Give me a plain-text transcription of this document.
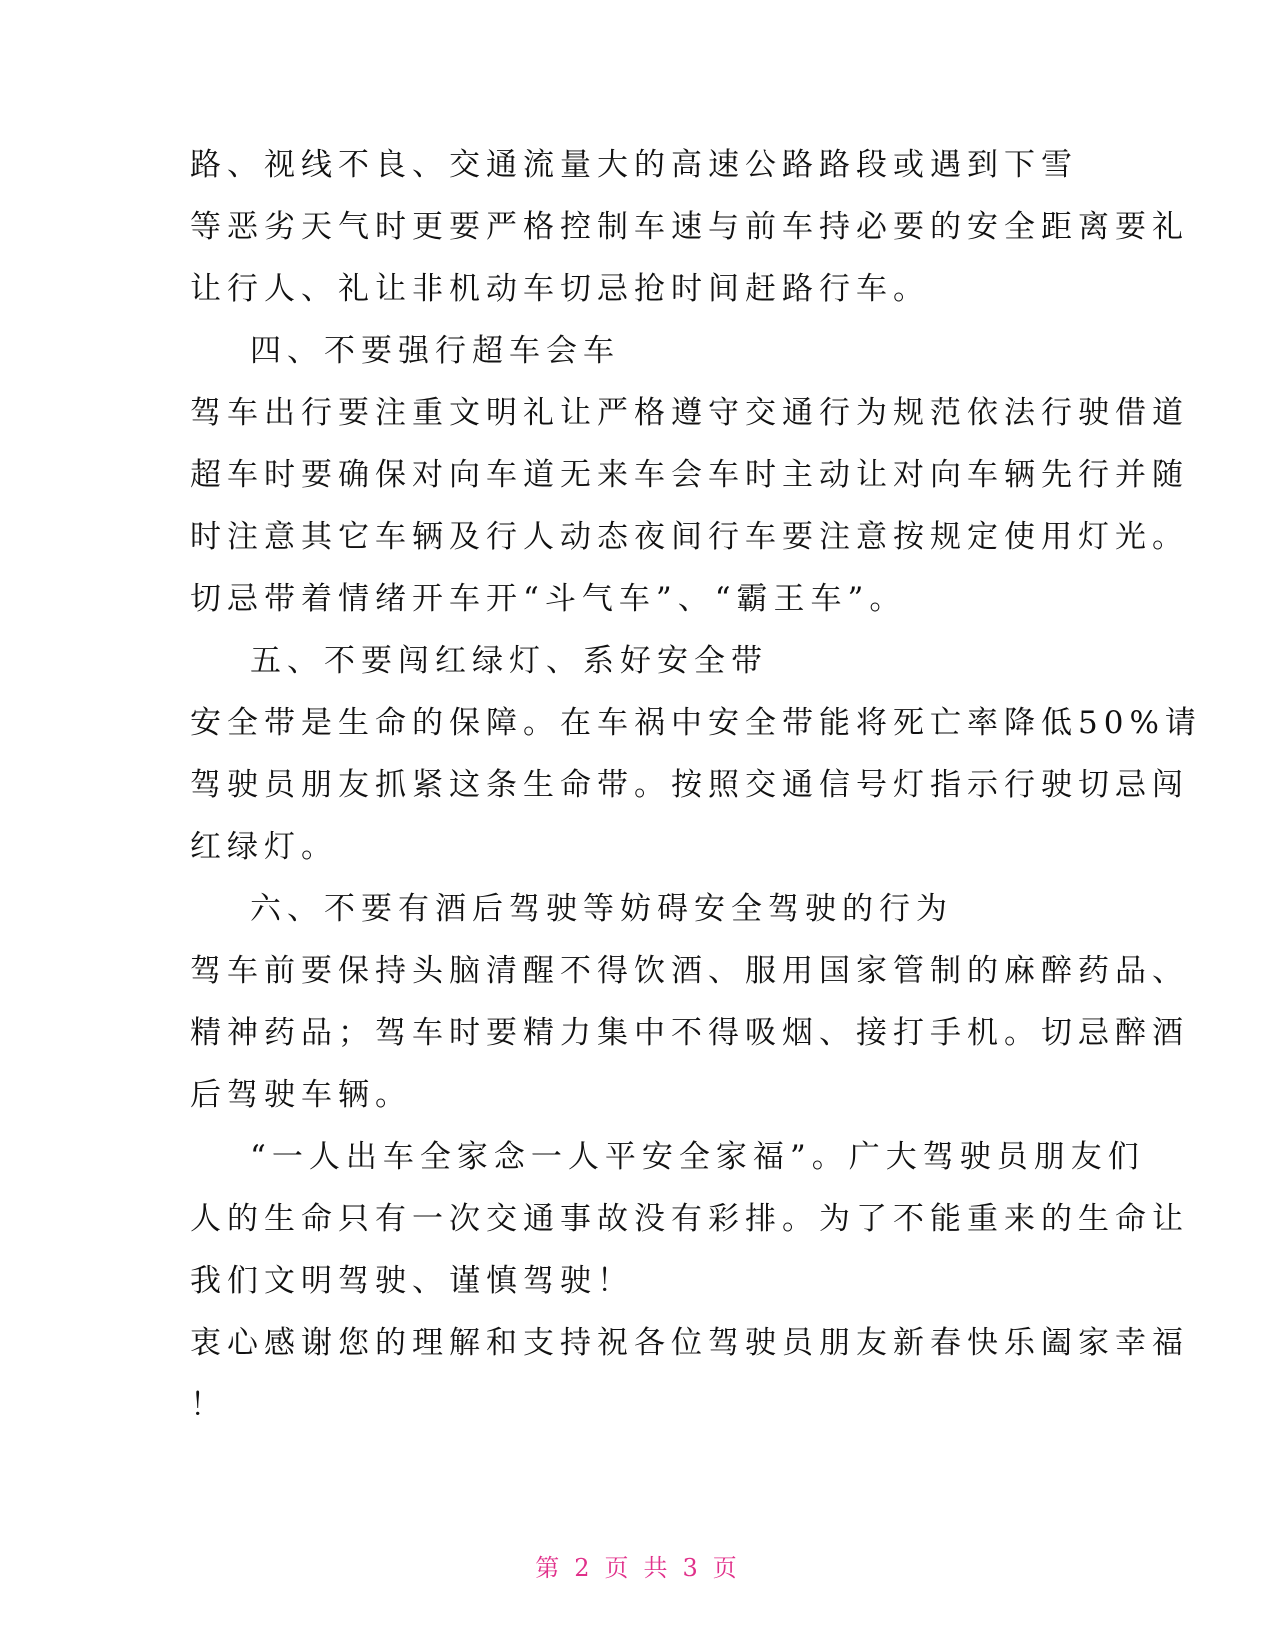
路、视线不良、交通流量大的高速公路路段或遇到下雪
等恶劣天气时更要严格控制车速与前车持必要的安全距离要礼
让行人、礼让非机动车切忌抢时间赶路行车。
四、不要强行超车会车
驾车出行要注重文明礼让严格遵守交通行为规范依法行驶借道
超车时要确保对向车道无来车会车时主动让对向车辆先行并随
时注意其它车辆及行人动态夜间行车要注意按规定使用灯光。
切忌带着情绪开车开“斗气车”、“霸王车”。
五、不要闯红绿灯、系好安全带
安全带是生命的保障。在车祸中安全带能将死亡率降低50%请
驾驶员朋友抓紧这条生命带。按照交通信号灯指示行驶切忌闯
红绿灯。
六、不要有酒后驾驶等妨碍安全驾驶的行为
驾车前要保持头脑清醒不得饮酒、服用国家管制的麻醉药品、
精神药品；驾车时要精力集中不得吸烟、接打手机。切忌醉酒
后驾驶车辆。
“一人出车全家念一人平安全家福”。广大驾驶员朋友们
人的生命只有一次交通事故没有彩排。为了不能重来的生命让
我们文明驾驶、谨慎驾驶！
衷心感谢您的理解和支持祝各位驾驶员朋友新春快乐阖家幸福
！
第 2 页 共 3 页
